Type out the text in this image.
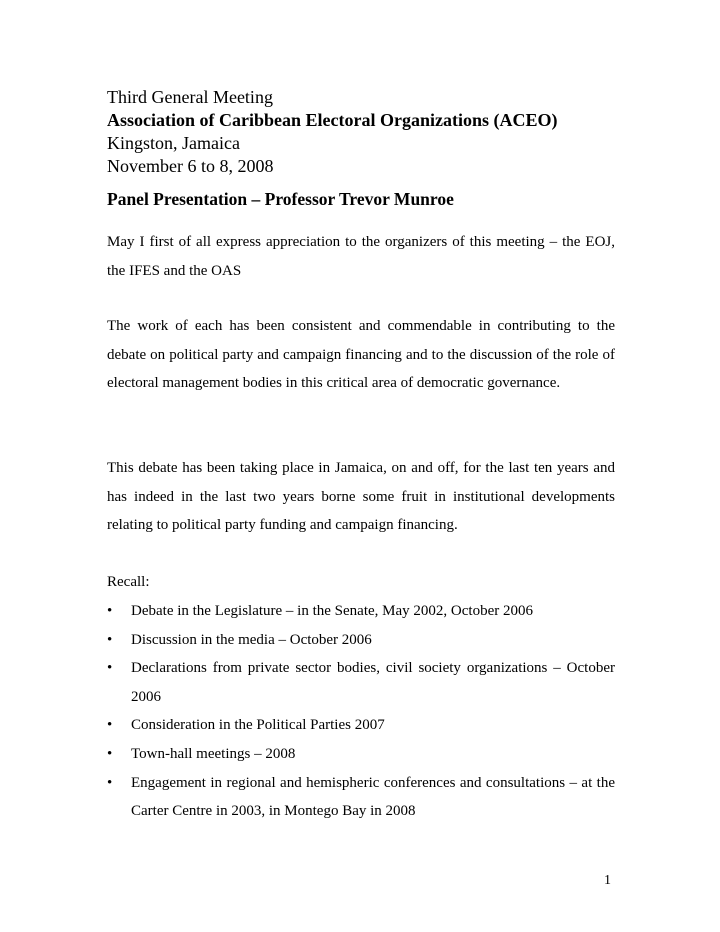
Third General Meeting
Association of Caribbean Electoral Organizations (ACEO)
Kingston, Jamaica
November 6 to 8, 2008
Panel Presentation – Professor Trevor Munroe

May I first of all express appreciation to the organizers of this meeting – the EOJ, the IFES and the OAS

The work of each has been consistent and commendable in contributing to the debate on political party and campaign financing and to the discussion of the role of electoral management bodies in this critical area of democratic governance.

This debate has been taking place in Jamaica, on and off, for the last ten years and has indeed in the last two years borne some fruit in institutional developments relating to political party funding and campaign financing.

Recall:
•	Debate in the Legislature – in the Senate, May 2002, October 2006
•	Discussion in the media – October 2006
•	Declarations from private sector bodies, civil society organizations – October 2006
•	Consideration in the Political Parties 2007
•	Town-hall meetings – 2008
•	Engagement in regional and hemispheric conferences and consultations – at the Carter Centre in 2003, in Montego Bay in 2008
1
